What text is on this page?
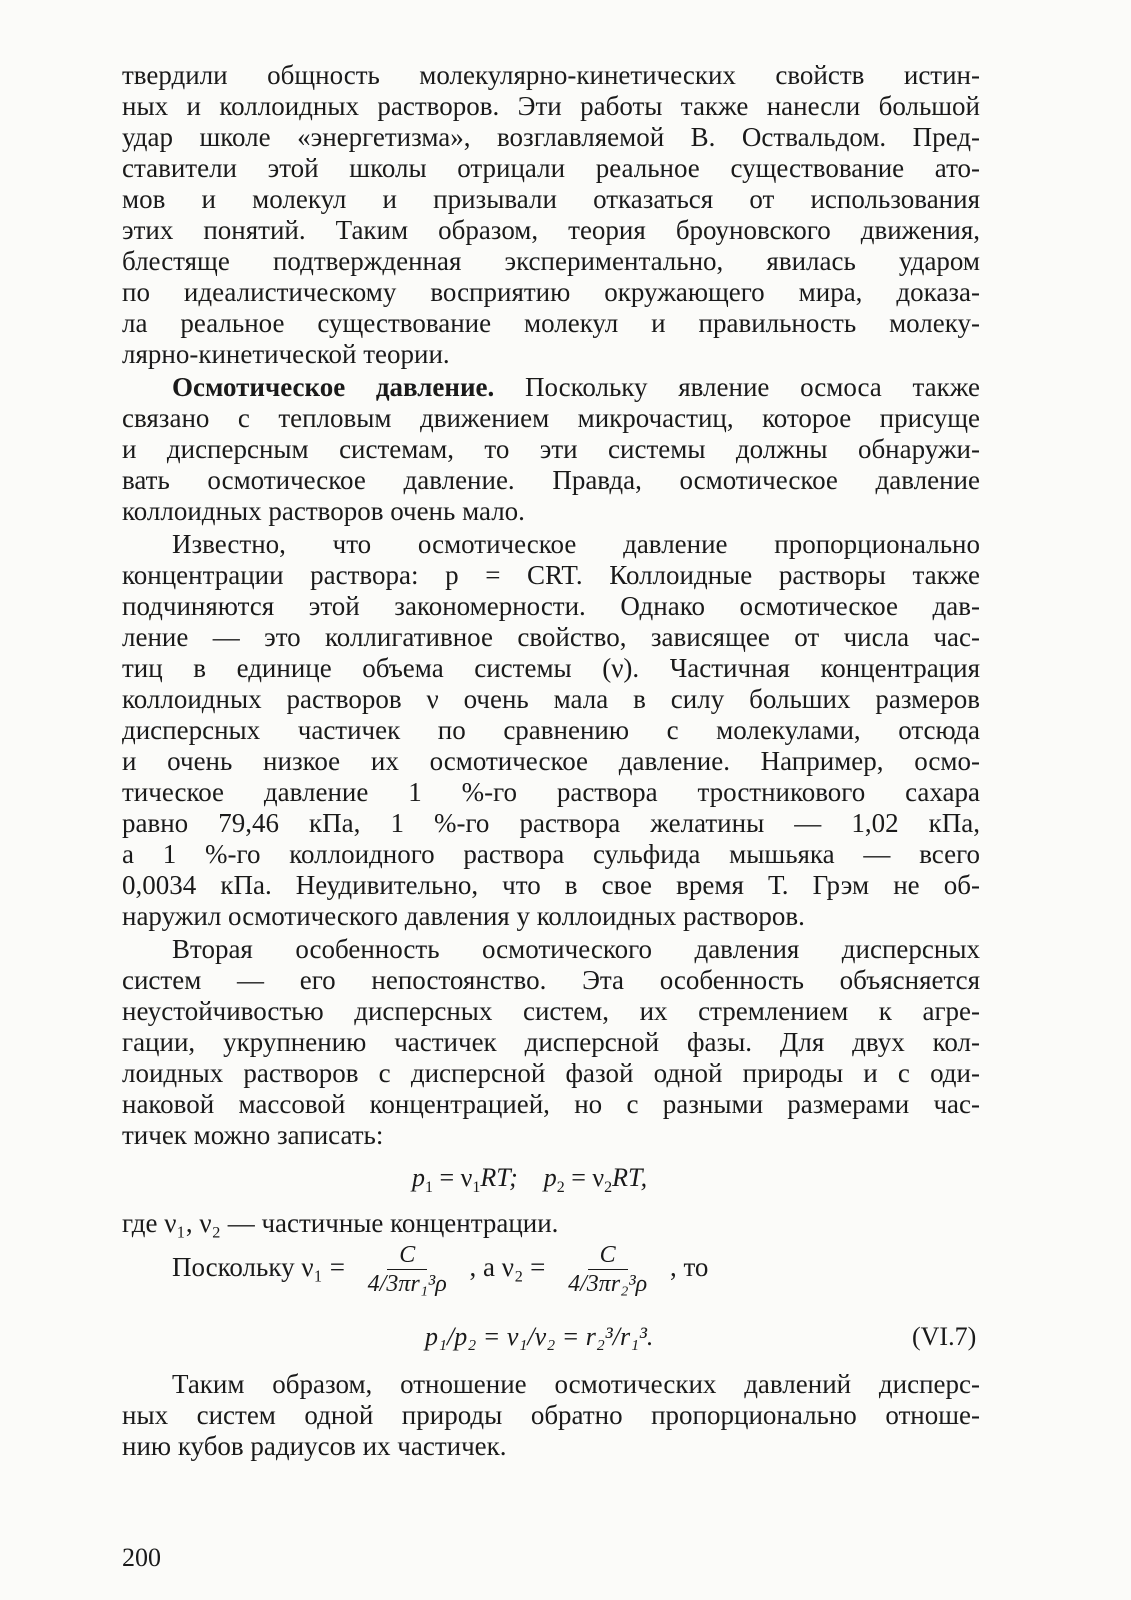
твердили общность молекулярно-кинетических свойств истин-

ных и коллоидных растворов. Эти работы также нанесли большой

удар школе «энергетизма», возглавляемой В. Оствальдом. Пред-

ставители этой школы отрицали реальное существование ато-

мов и молекул и призывали отказаться от использования

этих понятий. Таким образом, теория броуновского движения,

блестяще подтвержденная экспериментально, явилась ударом

по идеалистическому восприятию окружающего мира, доказа-

ла реальное существование молекул и правильность молеку-

лярно-кинетической теории.

Осмотическое давление. Поскольку явление осмоса также

связано с тепловым движением микрочастиц, которое присуще

и дисперсным системам, то эти системы должны обнаружи-

вать осмотическое давление. Правда, осмотическое давление

коллоидных растворов очень мало.

Известно, что осмотическое давление пропорционально

концентрации раствора: p = CRT. Коллоидные растворы также

подчиняются этой закономерности. Однако осмотическое дав-

ление — это коллигативное свойство, зависящее от числа час-

тиц в единице объема системы (ν). Частичная концентрация

коллоидных растворов ν очень мала в силу больших размеров

дисперсных частичек по сравнению с молекулами, отсюда

и очень низкое их осмотическое давление. Например, осмо-

тическое давление 1 %-го раствора тростникового сахара

равно 79,46 кПа, 1 %-го раствора желатины — 1,02 кПа,

а 1 %-го коллоидного раствора сульфида мышьяка — всего

0,0034 кПа. Неудивительно, что в свое время Т. Грэм не об-

наружил осмотического давления у коллоидных растворов.

Вторая особенность осмотического давления дисперсных

систем — его непостоянство. Эта особенность объясняется

неустойчивостью дисперсных систем, их стремлением к агре-

гации, укрупнению частичек дисперсной фазы. Для двух кол-

лоидных растворов с дисперсной фазой одной природы и с оди-

наковой массовой концентрацией, но с разными размерами час-

тичек можно записать:

$p_1 = \nu_1RT$; $p_2 = \nu_2RT$,

где ν₁, ν₂ — частичные концентрации.

Поскольку $\nu_1 = \frac{C}{\text{4/3πr₁³ρ}}$ , а $\nu_2 = \frac{C}{\text{4/3πr₂³ρ}}$ , то
p₁/p₂ = ν₁/ν₂ = r₂³/r₁³.	(VI.7)

Таким образом, отношение осмотических давлений дисперс-

ных систем одной природы обратно пропорционально отноше-

нию кубов радиусов их частичек.

200
